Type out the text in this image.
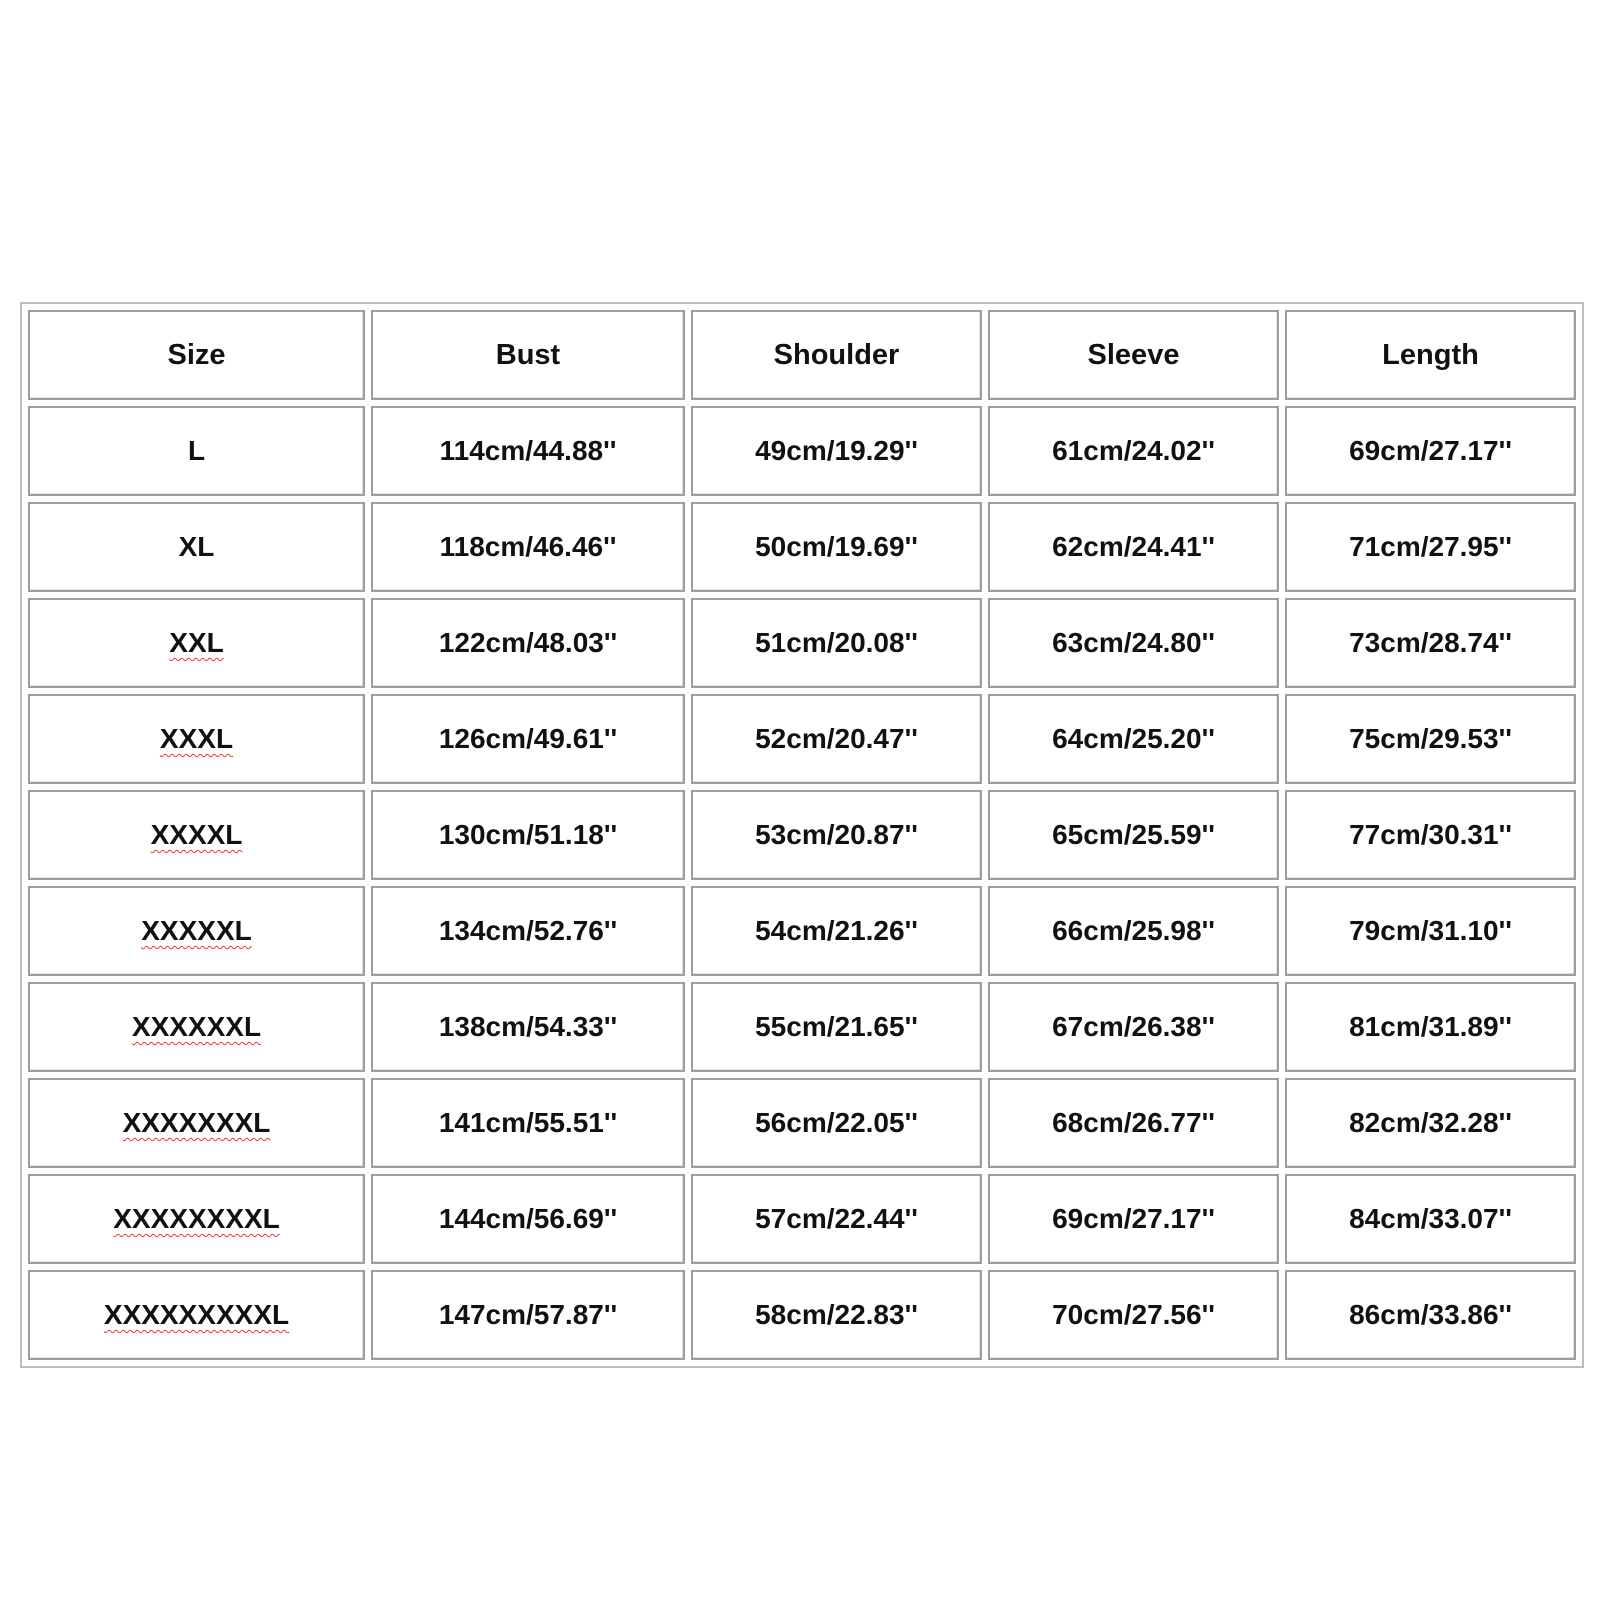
Size	Bust	Shoulder	Sleeve	Length
L	114cm/44.88''	49cm/19.29''	61cm/24.02''	69cm/27.17''
XL	118cm/46.46''	50cm/19.69''	62cm/24.41''	71cm/27.95''
XXL	122cm/48.03''	51cm/20.08''	63cm/24.80''	73cm/28.74''
XXXL	126cm/49.61''	52cm/20.47''	64cm/25.20''	75cm/29.53''
XXXXL	130cm/51.18''	53cm/20.87''	65cm/25.59''	77cm/30.31''
XXXXXL	134cm/52.76''	54cm/21.26''	66cm/25.98''	79cm/31.10''
XXXXXXL	138cm/54.33''	55cm/21.65''	67cm/26.38''	81cm/31.89''
XXXXXXXL	141cm/55.51''	56cm/22.05''	68cm/26.77''	82cm/32.28''
XXXXXXXXL	144cm/56.69''	57cm/22.44''	69cm/27.17''	84cm/33.07''
XXXXXXXXXL	147cm/57.87''	58cm/22.83''	70cm/27.56''	86cm/33.86''
